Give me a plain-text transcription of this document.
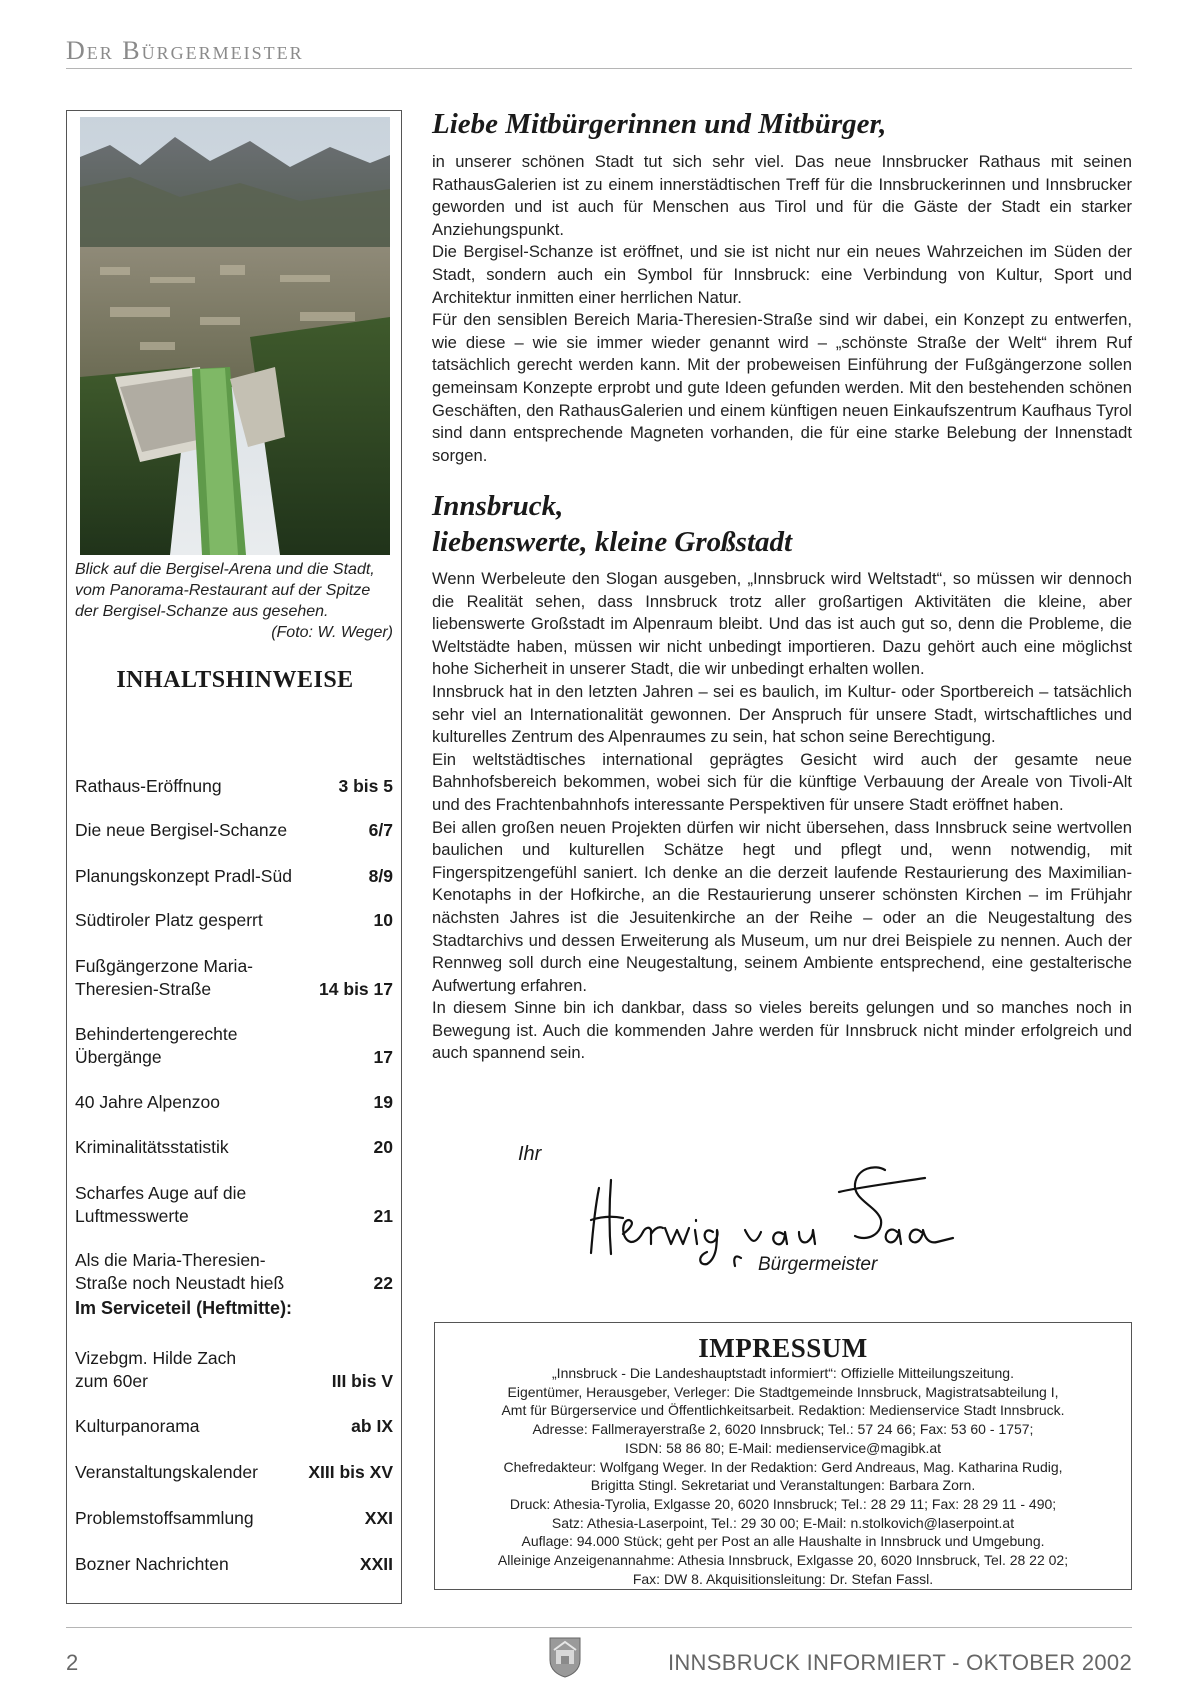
Der Bürgermeister
Blick auf die Bergisel-Arena und die Stadt, vom Panorama-Restaurant auf der Spitze der Bergisel-Schanze aus gesehen.
(Foto: W. Weger)
INHALTSHINWEISE
Rathaus-Eröffnung	3 bis 5
Die neue Bergisel-Schanze	6/7
Planungskonzept Pradl-Süd	8/9
Südtiroler Platz gesperrt	10
Fußgängerzone Maria-Theresien-Straße	14 bis 17
Behindertengerechte Übergänge	17
40 Jahre Alpenzoo	19
Kriminalitätsstatistik	20
Scharfes Auge auf die Luftmesswerte	21
Als die Maria-Theresien-Straße noch Neustadt hieß	22
Im Serviceteil (Heftmitte):
Vizebgm. Hilde Zach zum 60er	III bis V
Kulturpanorama	ab IX
Veranstaltungskalender	XIII bis XV
Problemstoffsammlung	XXI
Bozner Nachrichten	XXII
Liebe Mitbürgerinnen und Mitbürger,

in unserer schönen Stadt tut sich sehr viel. Das neue Innsbrucker Rathaus mit seinen RathausGalerien ist zu einem innerstädtischen Treff für die Innsbruckerinnen und Innsbrucker geworden und ist auch für Menschen aus Tirol und für die Gäste der Stadt ein starker Anziehungspunkt.

Die Bergisel-Schanze ist eröffnet, und sie ist nicht nur ein neues Wahrzeichen im Süden der Stadt, sondern auch ein Symbol für Innsbruck: eine Verbindung von Kultur, Sport und Architektur inmitten einer herrlichen Natur.

Für den sensiblen Bereich Maria-Theresien-Straße sind wir dabei, ein Konzept zu entwerfen, wie diese – wie sie immer wieder genannt wird – „schönste Straße der Welt“ ihrem Ruf tatsächlich gerecht werden kann. Mit der probeweisen Einführung der Fußgängerzone sollen gemeinsam Konzepte erprobt und gute Ideen gefunden werden. Mit den bestehenden schönen Geschäften, den RathausGalerien und einem künftigen neuen Einkaufszentrum Kaufhaus Tyrol sind dann entsprechende Magneten vorhanden, die für eine starke Belebung der Innenstadt sorgen.

Innsbruck,
liebenswerte, kleine Großstadt

Wenn Werbeleute den Slogan ausgeben, „Innsbruck wird Weltstadt“, so müssen wir dennoch die Realität sehen, dass Innsbruck trotz aller großartigen Aktivitäten die kleine, aber liebenswerte Großstadt im Alpenraum bleibt. Und das ist auch gut so, denn die Probleme, die Weltstädte haben, müssen wir nicht unbedingt importieren. Dazu gehört auch eine möglichst hohe Sicherheit in unserer Stadt, die wir unbedingt erhalten wollen.

Innsbruck hat in den letzten Jahren – sei es baulich, im Kultur- oder Sportbereich – tatsächlich sehr viel an Internationalität gewonnen. Der Anspruch für unsere Stadt, wirtschaftliches und kulturelles Zentrum des Alpenraumes zu sein, hat schon seine Berechtigung.

Ein weltstädtisches international geprägtes Gesicht wird auch der gesamte neue Bahnhofsbereich bekommen, wobei sich für die künftige Verbauung der Areale von Tivoli-Alt und des Frachtenbahnhofs interessante Perspektiven für unsere Stadt eröffnet haben.

Bei allen großen neuen Projekten dürfen wir nicht übersehen, dass Innsbruck seine wertvollen baulichen und kulturellen Schätze hegt und pflegt und, wenn notwendig, mit Fingerspitzengefühl saniert. Ich denke an die derzeit laufende Restaurierung des Maximilian-Kenotaphs in der Hofkirche, an die Restaurierung unserer schönsten Kirchen – im Frühjahr nächsten Jahres ist die Jesuitenkirche an der Reihe – oder an die Neugestaltung des Stadtarchivs und dessen Erweiterung als Museum, um nur drei Beispiele zu nennen. Auch der Rennweg soll durch eine Neugestaltung, seinem Ambiente entsprechend, eine gestalterische Aufwertung erfahren.

In diesem Sinne bin ich dankbar, dass so vieles bereits gelungen und so manches noch in Bewegung ist. Auch die kommenden Jahre werden für Innsbruck nicht minder erfolgreich und auch spannend sein.

Ihr
Bürgermeister
IMPRESSUM
„Innsbruck - Die Landeshauptstadt informiert“: Offizielle Mitteilungszeitung.
Eigentümer, Herausgeber, Verleger: Die Stadtgemeinde Innsbruck, Magistratsabteilung I,
Amt für Bürgerservice und Öffentlichkeitsarbeit. Redaktion: Medienservice Stadt Innsbruck.
Adresse: Fallmerayerstraße 2, 6020 Innsbruck; Tel.: 57 24 66; Fax: 53 60 - 1757;
ISDN: 58 86 80; E-Mail: medienservice@magibk.at
Chefredakteur: Wolfgang Weger. In der Redaktion: Gerd Andreaus, Mag. Katharina Rudig,
Brigitta Stingl. Sekretariat und Veranstaltungen: Barbara Zorn.
Druck: Athesia-Tyrolia, Exlgasse 20, 6020 Innsbruck; Tel.: 28 29 11; Fax: 28 29 11 - 490;
Satz: Athesia-Laserpoint, Tel.: 29 30 00; E-Mail: n.stolkovich@laserpoint.at
Auflage: 94.000 Stück; geht per Post an alle Haushalte in Innsbruck und Umgebung.
Alleinige Anzeigenannahme: Athesia Innsbruck, Exlgasse 20, 6020 Innsbruck, Tel. 28 22 02;
Fax: DW 8. Akquisitionsleitung: Dr. Stefan Fassl.
2	INNSBRUCK INFORMIERT - OKTOBER 2002
